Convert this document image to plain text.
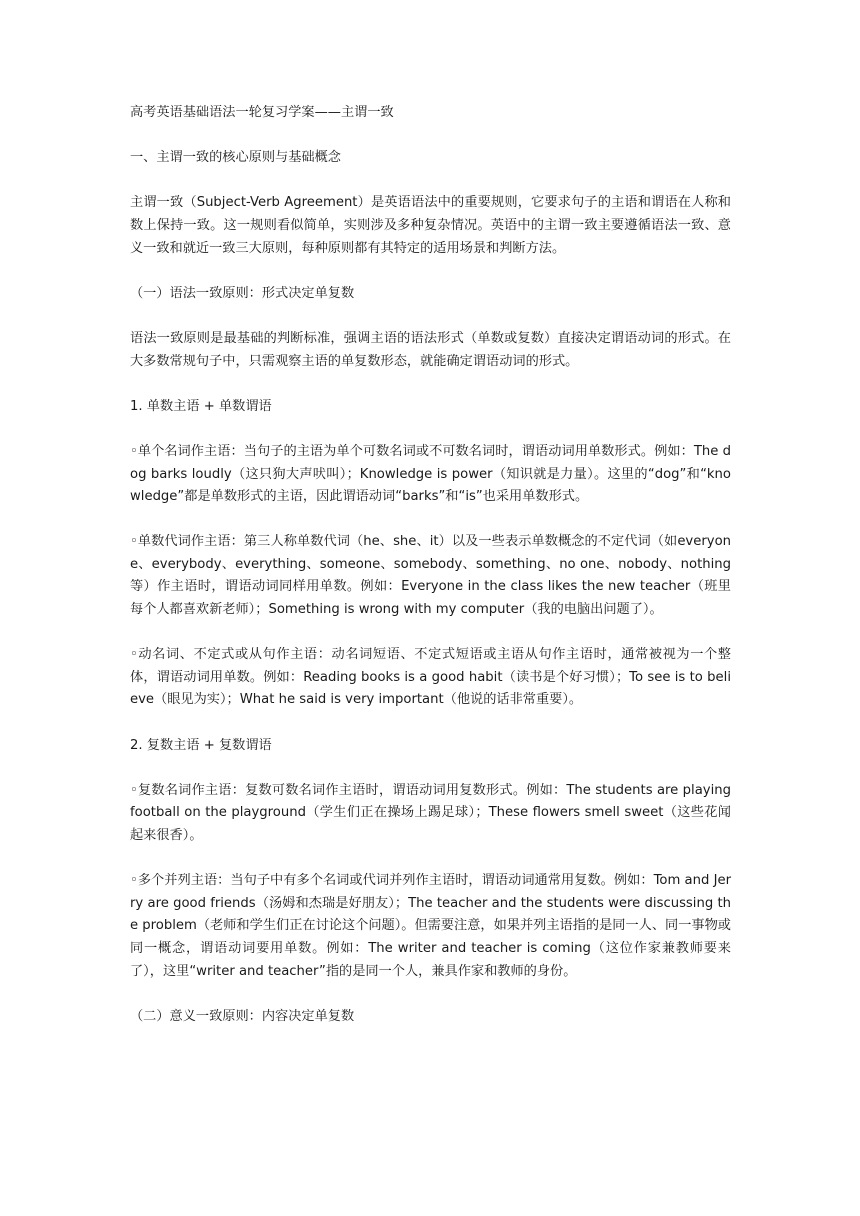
高考英语基础语法一轮复习学案——主谓一致

一、主谓一致的核心原则与基础概念

主谓一致（Subject-Verb Agreement）是英语语法中的重要规则，它要求句子的主语和谓语在人称和数上保持一致。这一规则看似简单，实则涉及多种复杂情况。英语中的主谓一致主要遵循语法一致、意义一致和就近一致三大原则，每种原则都有其特定的适用场景和判断方法。

（一）语法一致原则：形式决定单复数

语法一致原则是最基础的判断标准，强调主语的语法形式（单数或复数）直接决定谓语动词的形式。在大多数常规句子中，只需观察主语的单复数形态，就能确定谓语动词的形式。

1. 单数主语 + 单数谓语

◦单个名词作主语：当句子的主语为单个可数名词或不可数名词时，谓语动词用单数形式。例如：The dog barks loudly（这只狗大声吠叫）；Knowledge is power（知识就是力量）。这里的“dog”和“knowledge”都是单数形式的主语，因此谓语动词“barks”和“is”也采用单数形式。

◦单数代词作主语：第三人称单数代词（he、she、it）以及一些表示单数概念的不定代词（如everyone、everybody、everything、someone、somebody、something、no one、nobody、nothing等）作主语时，谓语动词同样用单数。例如：Everyone in the class likes the new teacher（班里每个人都喜欢新老师）；Something is wrong with my computer（我的电脑出问题了）。

◦动名词、不定式或从句作主语：动名词短语、不定式短语或主语从句作主语时，通常被视为一个整体，谓语动词用单数。例如：Reading books is a good habit（读书是个好习惯）；To see is to believe（眼见为实）；What he said is very important（他说的话非常重要）。

2. 复数主语 + 复数谓语

◦复数名词作主语：复数可数名词作主语时，谓语动词用复数形式。例如：The students are playing football on the playground（学生们正在操场上踢足球）；These flowers smell sweet（这些花闻起来很香）。

◦多个并列主语：当句子中有多个名词或代词并列作主语时，谓语动词通常用复数。例如：Tom and Jerry are good friends（汤姆和杰瑞是好朋友）；The teacher and the students were discussing the problem（老师和学生们正在讨论这个问题）。但需要注意，如果并列主语指的是同一人、同一事物或同一概念，谓语动词要用单数。例如：The writer and teacher is coming（这位作家兼教师要来了），这里“writer and teacher”指的是同一个人，兼具作家和教师的身份。

（二）意义一致原则：内容决定单复数
